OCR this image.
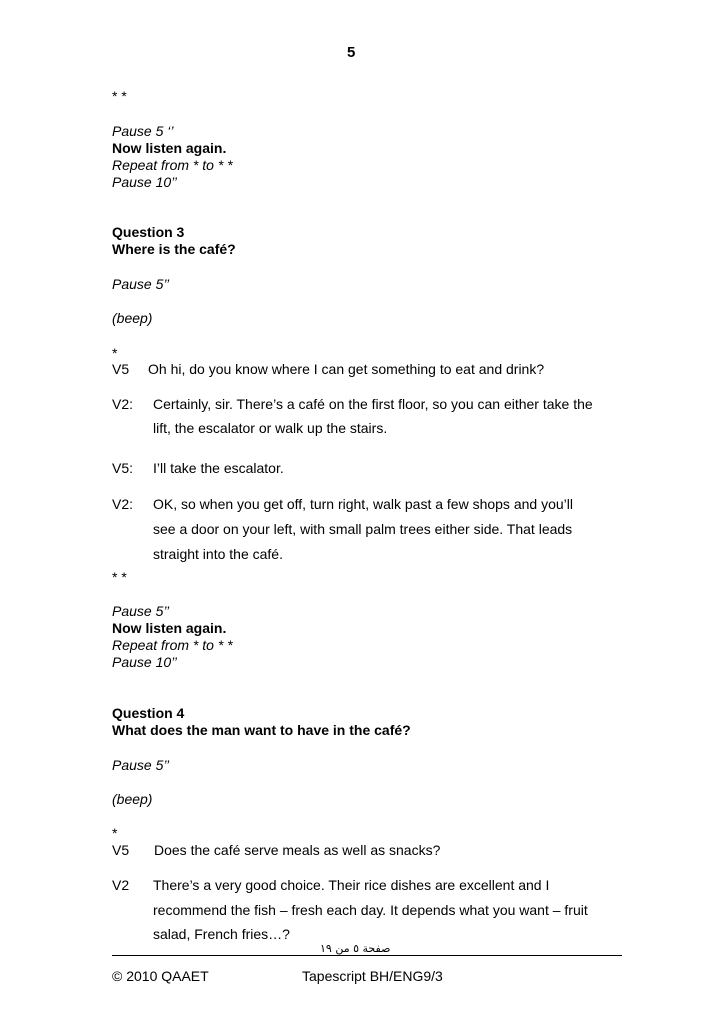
5
* *
Pause 5 ‘’
Now listen again.
Repeat from * to * *
Pause 10’’
Question 3
Where is the café?
Pause 5’’
(beep)
*
V5 Oh hi, do you know where I can get something to eat and drink?
V2: Certainly, sir. There’s a café on the first floor, so you can either take the
lift, the escalator or walk up the stairs.
V5: I’ll take the escalator.
V2: OK, so when you get off, turn right, walk past a few shops and you’ll
see a door on your left, with small palm trees either side. That leads
straight into the café.
* *
Pause 5’’
Now listen again.
Repeat from * to * *
Pause 10’’
Question 4
What does the man want to have in the café?
Pause 5’’
(beep)
*
V5 Does the café serve meals as well as snacks?
V2 There’s a very good choice. Their rice dishes are excellent and I
recommend the fish – fresh each day. It depends what you want – fruit
salad, French fries…?
صفحة ٥ من ١٩
© 2010 QAAET	Tapescript BH/ENG9/3
